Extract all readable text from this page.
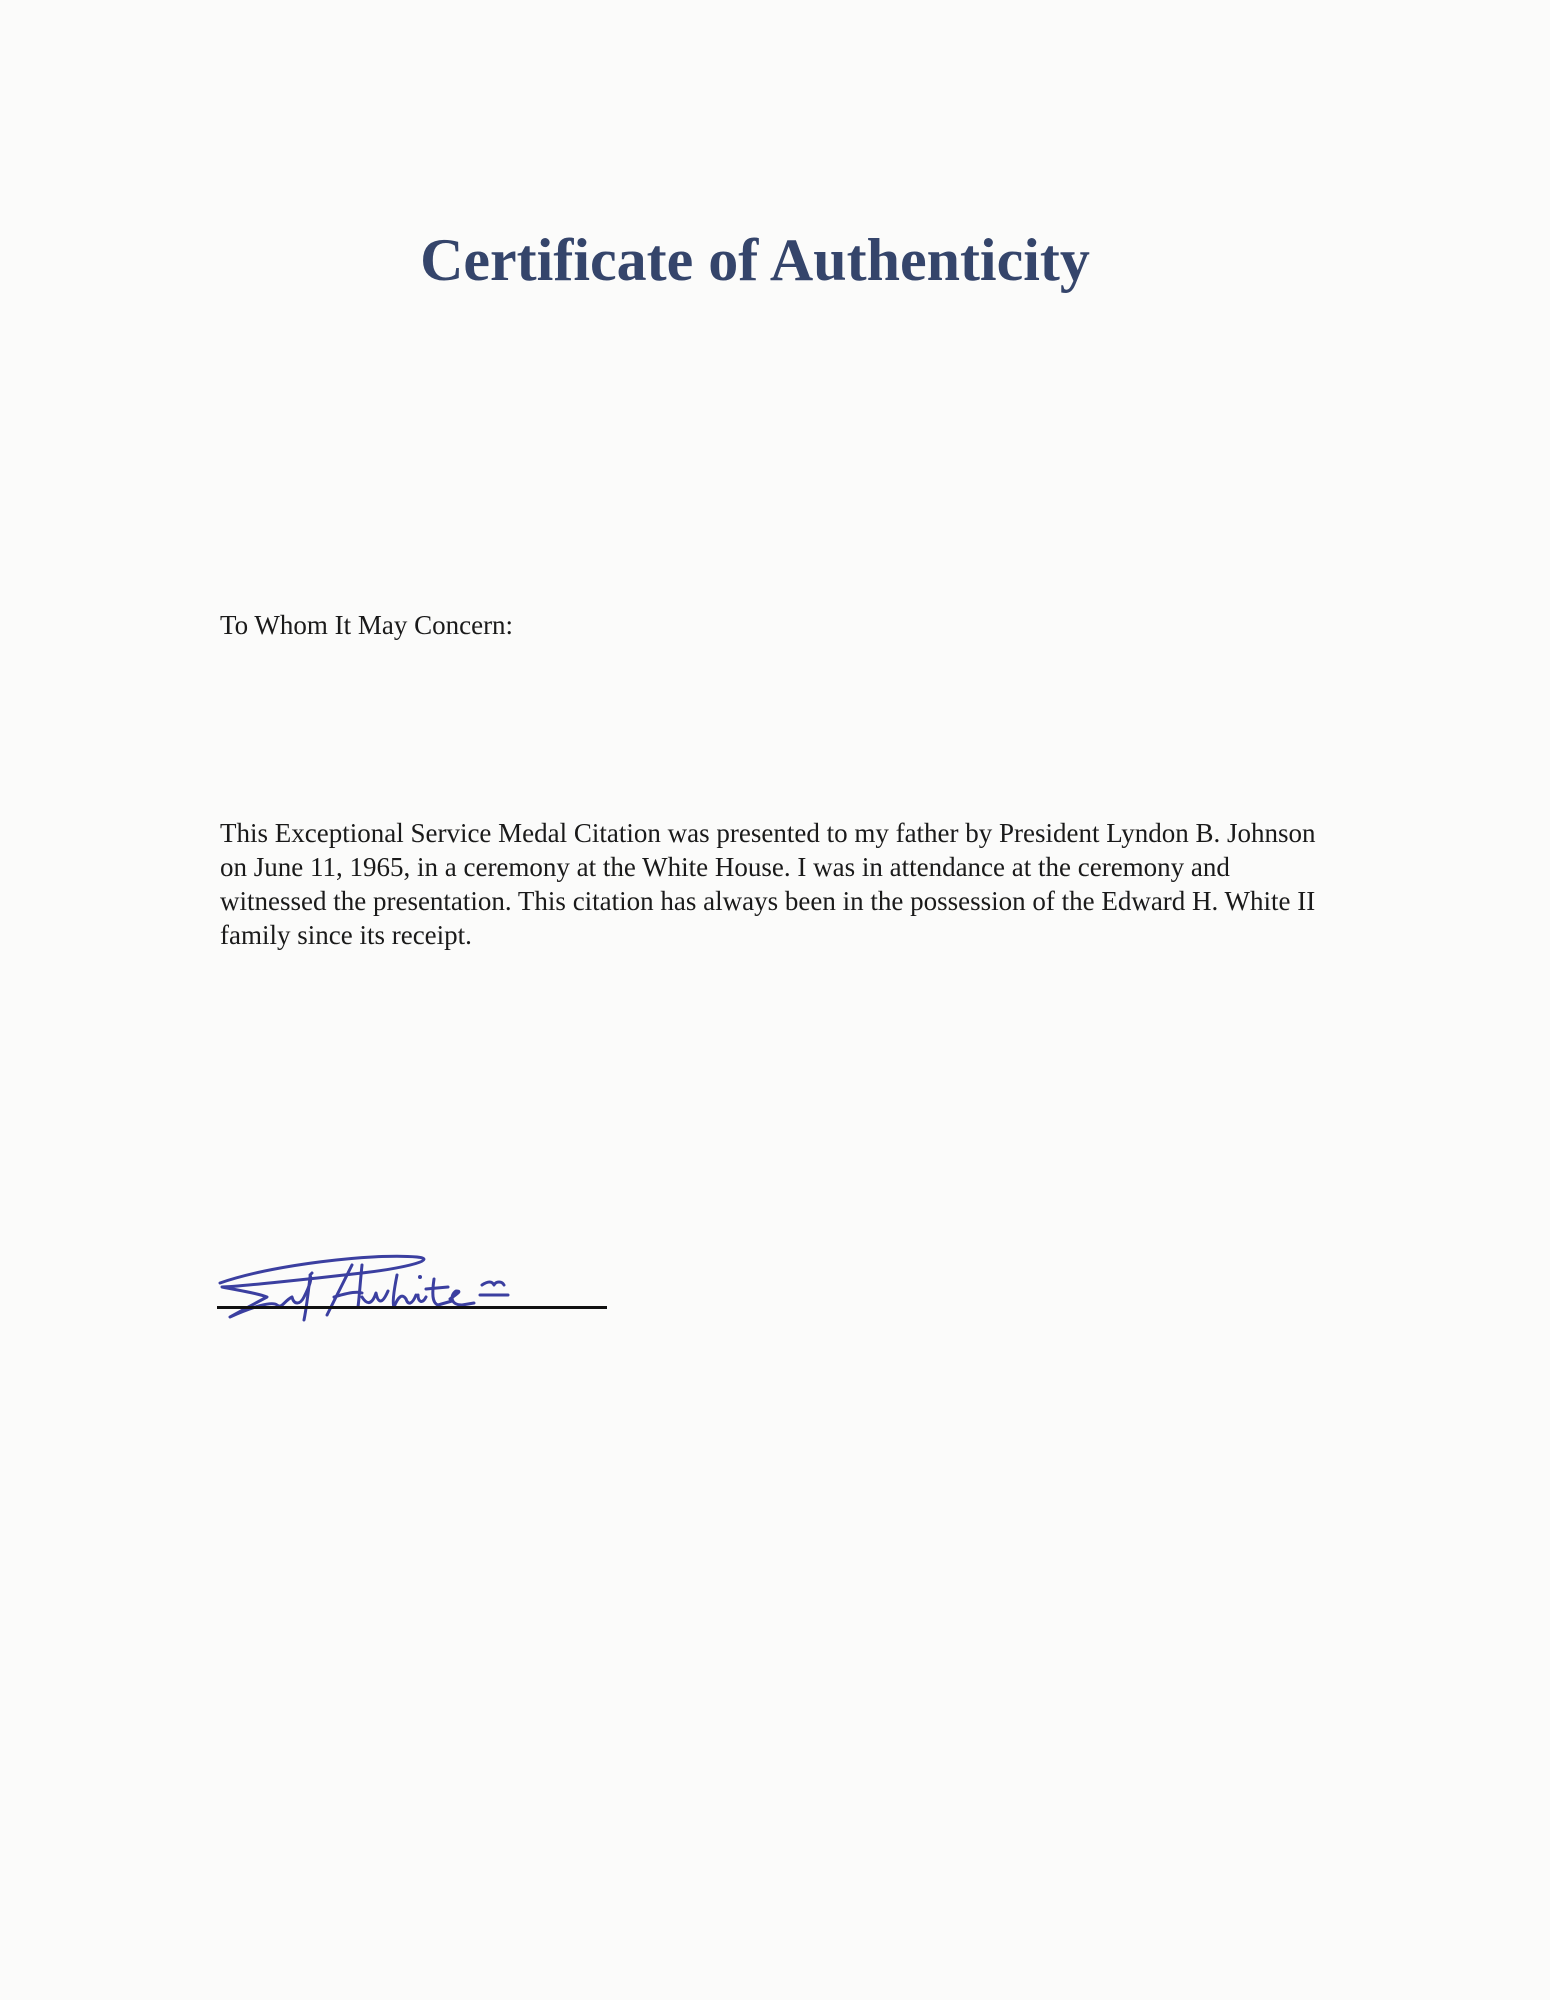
Certificate of Authenticity
To Whom It May Concern:
This Exceptional Service Medal Citation was presented to my father by President Lyndon B. Johnson on June 11, 1965, in a ceremony at the White House. I was in attendance at the ceremony and witnessed the presentation. This citation has always been in the possession of the Edward H. White II family since its receipt.
